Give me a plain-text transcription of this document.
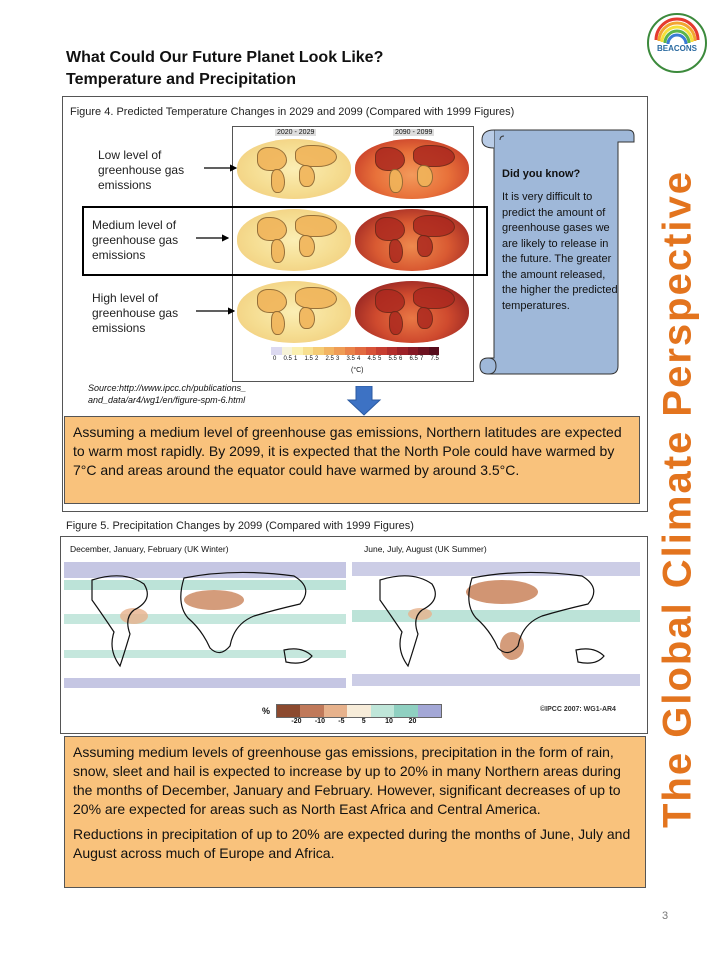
What Could Our Future Planet Look Like?
Temperature and Precipitation
BEACONS
Figure 4. Predicted Temperature Changes in 2029 and 2099 (Compared with 1999 Figures)
2020 - 2029	2090 - 2099
0 0.5 1 1.5 2 2.5 3 3.5 4 4.5 5 5.5 6 6.5 7 7.5
(°C)
Low level of greenhouse gas emissions
Medium level of greenhouse gas emissions
High level of greenhouse gas emissions
Source:http://www.ipcc.ch/publications_
and_data/ar4/wg1/en/figure-spm-6.html
Did you know?
It is very difficult to predict the amount of greenhouse gases we are likely to release in the future. The greater the amount released, the higher the predicted temperatures.
Assuming a medium level of greenhouse gas emissions, Northern latitudes are expected to warm most rapidly. By 2099, it is expected that the North Pole could have warmed by 7°C and areas around the equator could have warmed by around 3.5°C.
Figure 5. Precipitation Changes by 2099 (Compared with 1999 Figures)
December, January, February (UK Winter)	June, July, August (UK Summer)
%
-20 -10 -5 5	10 20
©IPCC 2007: WG1-AR4
Assuming medium levels of greenhouse gas emissions, precipitation in the form of rain, snow, sleet and hail is expected to increase by up to 20% in many Northern areas during the months of December, January and February. However, significant decreases of up to 20% are expected for areas such as North East Africa and Central America.
Reductions in precipitation of up to 20% are expected during the months of June, July and August across much of Europe and Africa.
The Global Climate Perspective
3
